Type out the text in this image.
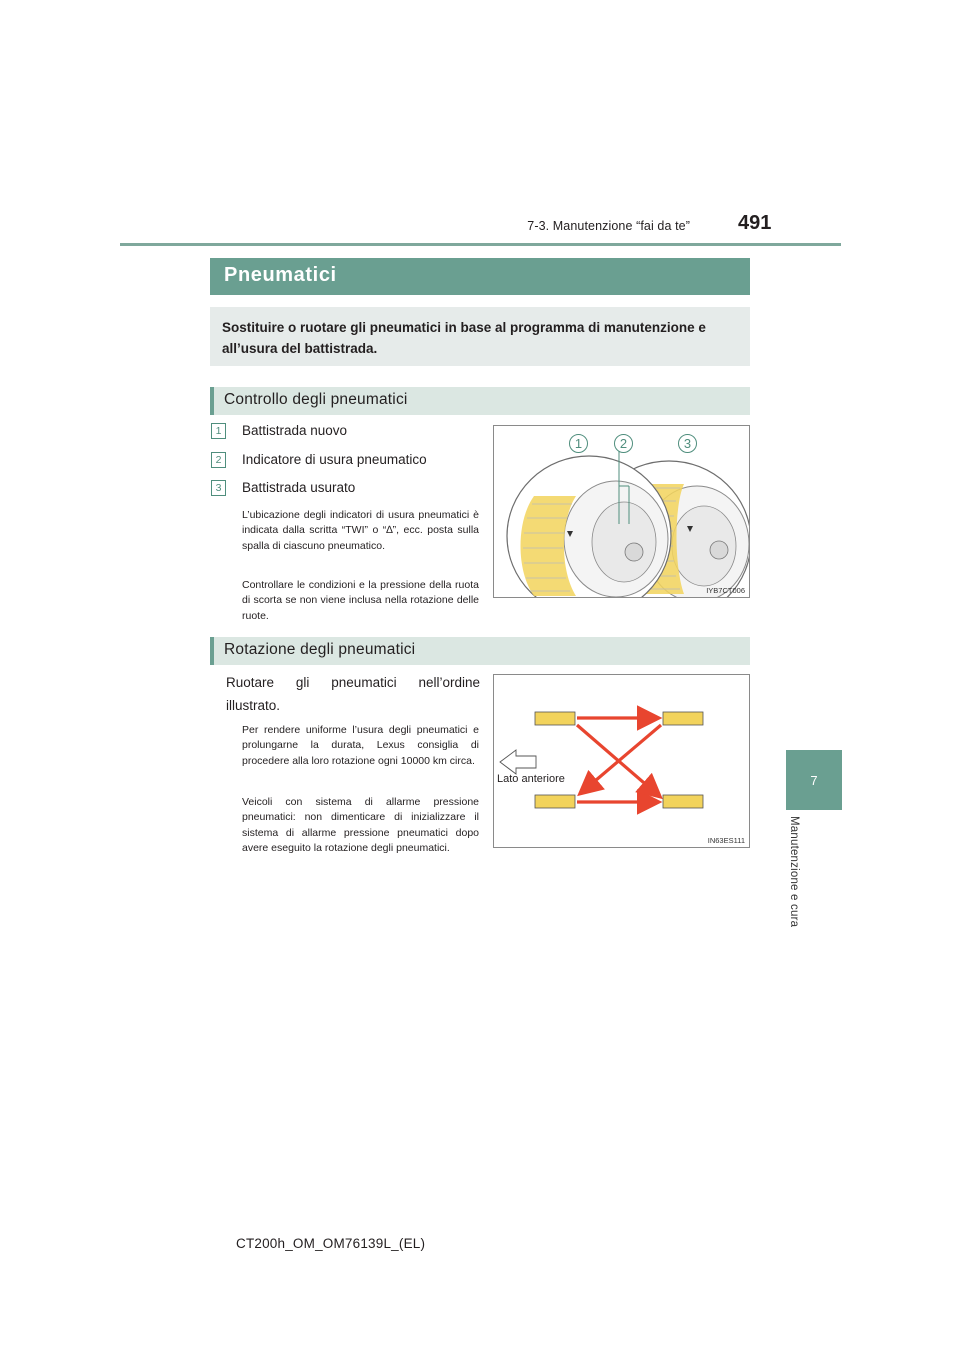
7-3. Manutenzione “fai da te” 491
7
Manutenzione e cura
Pneumatici

Sostituire o ruotare gli pneumatici in base al programma di manutenzione e all’usura del battistrada.

Controllo degli pneumatici
1	Battistrada nuovo
2	Indicatore di usura pneumatico
3	Battistrada usurato

L’ubicazione degli indicatori di usura pneumatici è indicata dalla scritta “TWI” o “∆”, ecc. posta sulla spalla di ciascuno pneumatico.

Controllare le condizioni e la pressione della ruota di scorta se non viene inclusa nella rotazione delle ruote.

1	2	3
IYB7CT006
Rotazione degli pneumatici

Ruotare gli pneumatici nell’ordine illustrato.

Per rendere uniforme l’usura degli pneumatici e prolungarne la durata, Lexus consiglia di procedere alla loro rotazione ogni 10000 km circa.

Veicoli con sistema di allarme pressione pneumatici: non dimenticare di inizializzare il sistema di allarme pressione pneumatici dopo avere eseguito la rotazione degli pneumatici.

Lato anteriore
IN63ES111
CT200h_OM_OM76139L_(EL)
